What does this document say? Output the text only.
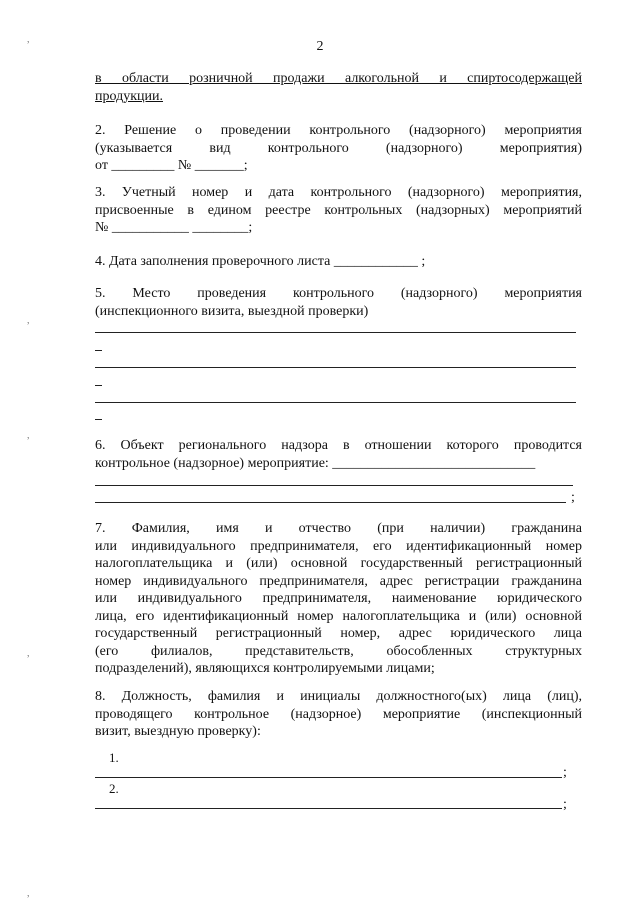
2
в области розничной продажи алкогольной и спиртосодержащей
продукции.
2. Решение о проведении контрольного (надзорного) мероприятия
(указывается вид контрольного (надзорного) мероприятия)
от _________ № _______;
3. Учетный номер и дата контрольного (надзорного) мероприятия,
присвоенные в едином реестре контрольных (надзорных) мероприятий
№ ___________ ________;
4. Дата заполнения проверочного листа ____________ ;
5. Место проведения контрольного (надзорного) мероприятия
(инспекционного визита, выездной проверки)
6. Объект регионального надзора в отношении которого проводится
контрольное (надзорное) мероприятие: _____________________________
;
7. Фамилия, имя и отчество (при наличии) гражданина
или индивидуального предпринимателя, его идентификационный номер
налогоплательщика и (или) основной государственный регистрационный
номер индивидуального предпринимателя, адрес регистрации гражданина
или индивидуального предпринимателя, наименование юридического
лица, его идентификационный номер налогоплательщика и (или) основной
государственный регистрационный номер, адрес юридического лица
(его филиалов, представительств, обособленных структурных
подразделений), являющихся контролируемыми лицами;
8. Должность, фамилия и инициалы должностного(ых) лица (лиц),
проводящего контрольное (надзорное) мероприятие (инспекционный
визит, выездную проверку):
1.
;
2.
;
,
,
,
,
,
